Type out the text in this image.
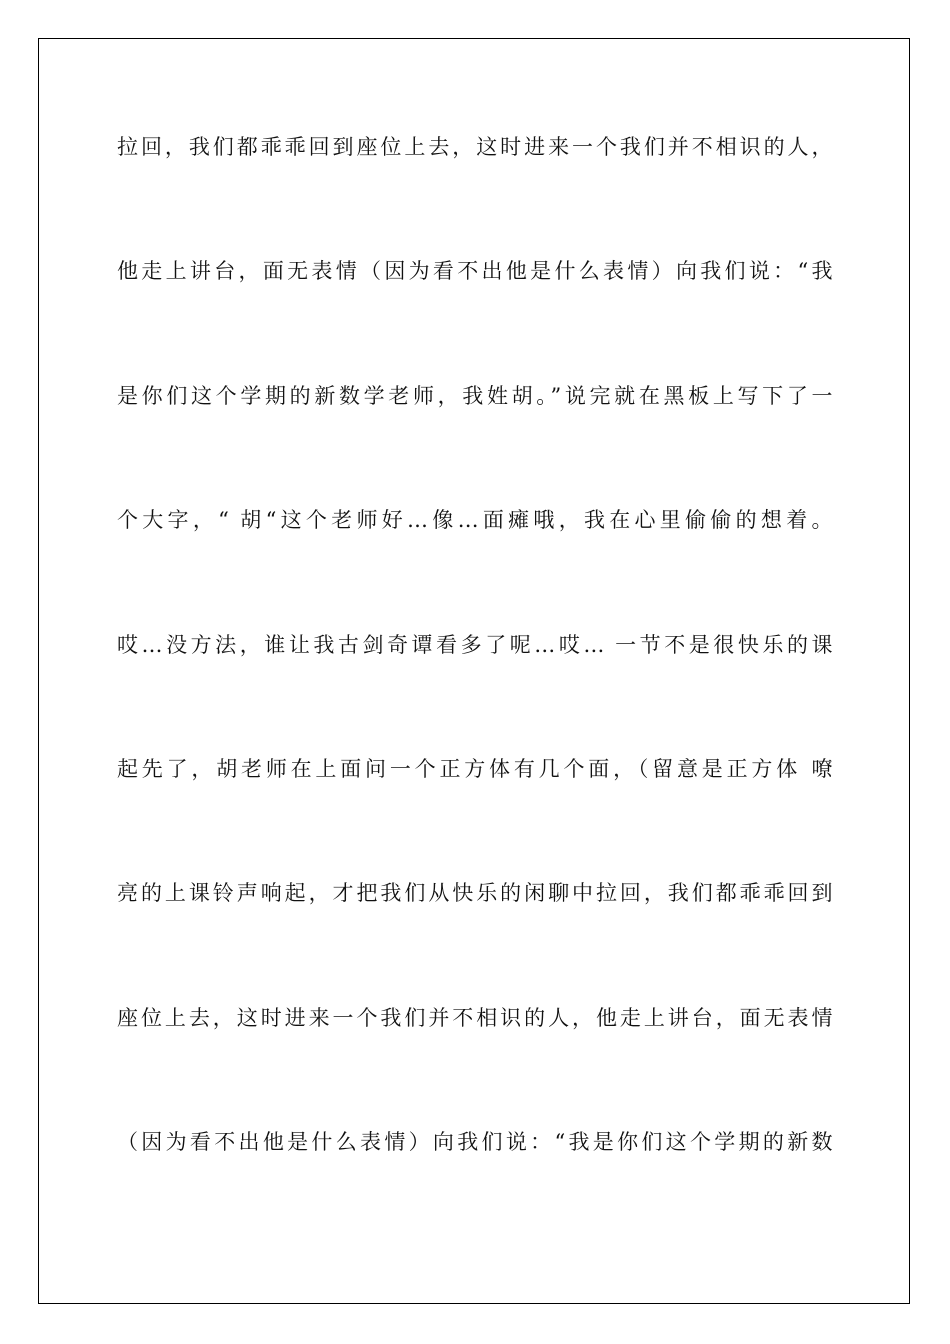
拉回，我们都乖乖回到座位上去，这时进来一个我们并不相识的人，

他走上讲台，面无表情（因为看不出他是什么表情）向我们说：“我

是你们这个学期的新数学老师，我姓胡。”说完就在黑板上写下了一

个大字，“ 胡“这个老师好…像…面瘫哦，我在心里偷偷的想着。

哎…没方法，谁让我古剑奇谭看多了呢…哎… 一节不是很快乐的课

起先了，胡老师在上面问一个正方体有几个面，（留意是正方体 嘹

亮的上课铃声响起，才把我们从快乐的闲聊中拉回，我们都乖乖回到

座位上去，这时进来一个我们并不相识的人，他走上讲台，面无表情

（因为看不出他是什么表情）向我们说：“我是你们这个学期的新数
